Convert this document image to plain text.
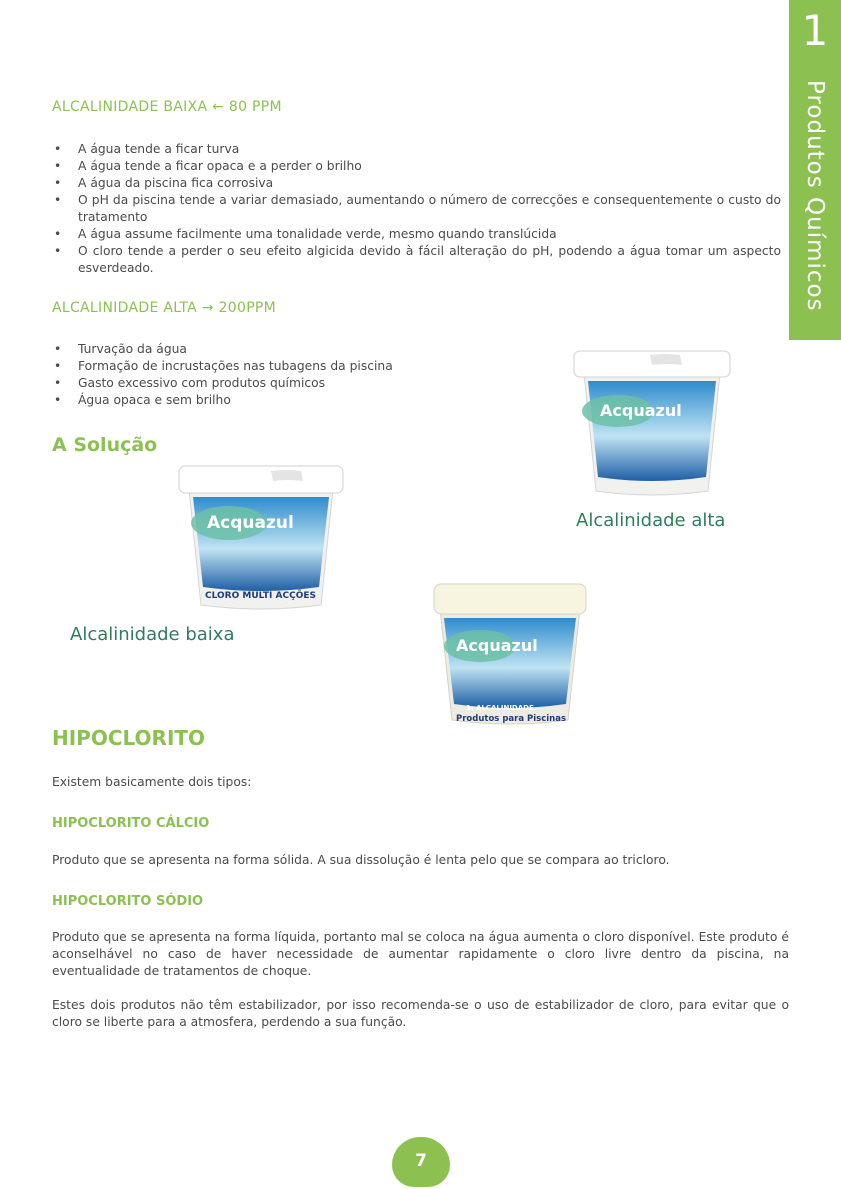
1
Produtos Químicos
ALCALINIDADE BAIXA ← 80 PPM
• A água tende a ficar turva
• A água tende a ficar opaca e a perder o brilho
• A água da piscina fica corrosiva
• O pH da piscina tende a variar demasiado, aumentando o número de correcções e consequentemente o custo do tratamento
• A água assume facilmente uma tonalidade verde, mesmo quando translúcida
• O cloro tende a perder o seu efeito algicida devido à fácil alteração do pH, podendo a água tomar um aspecto esverdeado.
ALCALINIDADE ALTA → 200PPM
• Turvação da água
• Formação de incrustações nas tubagens da piscina
• Gasto excessivo com produtos químicos
• Água opaca e sem brilho
A Solução
Acquazul
Alcalinidade alta
Acquazul
CLORO MULTI ACÇÕES
Alcalinidade baixa
Acquazul
1. ALCALINIDADE
Produtos para Piscinas
HIPOCLORITO

Existem basicamente dois tipos:

HIPOCLORITO CÁLCIO

Produto que se apresenta na forma sólida. A sua dissolução é lenta pelo que se compara ao tricloro.

HIPOCLORITO SÓDIO

Produto que se apresenta na forma líquida, portanto mal se coloca na água aumenta o cloro disponível. Este produto é aconselhável no caso de haver necessidade de aumentar rapidamente o cloro livre dentro da piscina, na eventualidade de tratamentos de choque.

Estes dois produtos não têm estabilizador, por isso recomenda-se o uso de estabilizador de cloro, para evitar que o cloro se liberte para a atmosfera, perdendo a sua função.

7
